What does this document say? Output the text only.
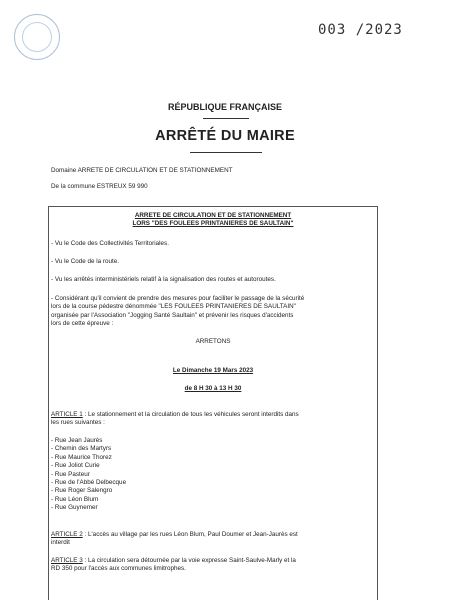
003 /2023
RÉPUBLIQUE FRANÇAISE
ARRÊTÉ DU MAIRE
Domaine ARRETE DE CIRCULATION ET DE STATIONNEMENT
De la commune ESTREUX 59 990
ARRETE DE CIRCULATION ET DE STATIONNEMENT
LORS "DES FOULEES PRINTANIERES DE SAULTAIN"
- Vu le Code des Collectivités Territoriales.
- Vu le Code de la route.
- Vu les arrêtés interministériels relatif à la signalisation des routes et autoroutes.
- Considérant qu'il convient de prendre des mesures pour faciliter le passage de la sécurité
lors de la course pédestre dénommée "LES FOULEES PRINTANIERES DE SAULTAIN"
organisée par l'Association "Jogging Santé Saultain" et prévenir les risques d'accidents
lors de cette épreuve :
ARRETONS
Le Dimanche 19 Mars 2023
de 8 H 30 à 13 H 30
ARTICLE 1 : Le stationnement et la circulation de tous les véhicules seront interdits dans
les rues suivantes :
- Rue Jean Jaurès
- Chemin des Martyrs
- Rue Maurice Thorez
- Rue Joliot Curie
- Rue Pasteur
- Rue de l'Abbé Delbecque
- Rue Roger Salengro
- Rue Léon Blum
- Rue Guynemer
ARTICLE 2 : L'accès au village par les rues Léon Blum, Paul Doumer et Jean-Jaurès est
interdit
ARTICLE 3 : La circulation sera détournée par la voie expresse Saint-Saulve-Marly et la
RD 350 pour l'accès aux communes limitrophes.
